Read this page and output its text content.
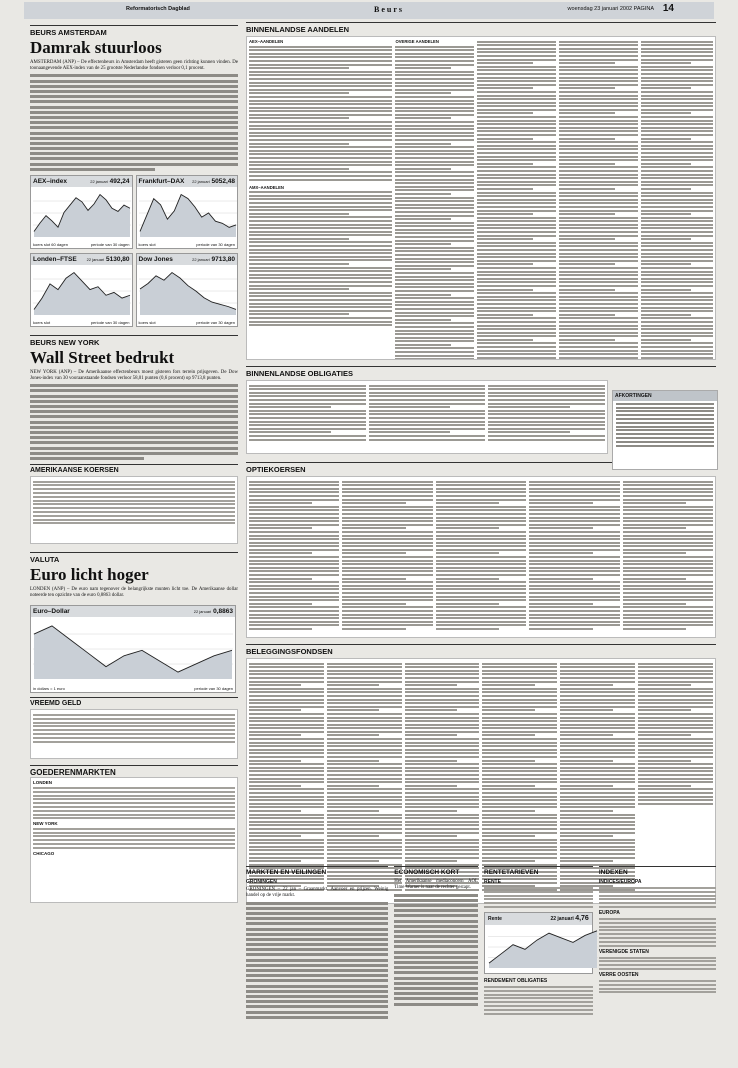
Reformatorisch Dagblad	Beurs	woensdag 23 januari 2002 PAGINA 14
BEURS AMSTERDAM
Damrak stuurloos

AMSTERDAM (ANP) – De effectenbeurs in Amsterdam heeft gisteren geen richting kunnen vinden. De toonaangevende AEX-index van de 25 grootste Nederlandse fondsen verloor 0,1 procent.

AEX–index	22 januari 492,24
koers slot 60 dagen	periode van 30 dagen
Frankfurt–DAX 22 januari 5052,48
koers slot	periode van 30 dagen
Londen–FTSE 22 januari 5130,80
koers slot	periode van 30 dagen
Dow Jones	22 januari 9713,80
koers slot	periode van 30 dagen
BEURS NEW YORK
Wall Street bedrukt

NEW YORK (ANP) – De Amerikaanse effectenbeurs moest gisteren fors terrein prijsgeven. De Dow Jones-index van 30 vooraanstaande fondsen verloor 58,01 punten (0,6 procent) op 9713,8 punten.

AMERIKAANSE KOERSEN
VALUTA
Euro licht hoger

LONDEN (ANP) – De euro nam tegenover de belangrijkste munten licht toe. De Amerikaanse dollar noteerde ten opzichte van de euro 0,8863 dollar.

Euro–Dollar	22 januari 0,8863
in dollars = 1 euro	periode van 30 dagen
VREEMD GELD
GOEDERENMARKTEN
LONDEN
NEW YORK
CHICAGO
BINNENLANDSE AANDELEN
AEX–AANDELEN
AMX–AANDELEN
OVERIGE AANDELEN
BINNENLANDSE OBLIGATIES
OPTIEKOERSEN
BELEGGINGSFONDSEN
AFKORTINGEN
MARKTEN EN VEILINGEN
GRONINGEN

GRONINGEN – 22 jan – Graanmarkt. Aanvoer en prijzen. Weinig handel op de vrije markt.

ECONOMISCH KORT

Het Amerikaanse mediaconcern AOL Time Warner is naar de rechter gestapt.

RENTETARIEVEN
RENTE
Rente	22 januari 4,76
RENDEMENT OBLIGATIES
INDEXEN
INDICES/EUROPA
EUROPA
VERENIGDE STATEN
VERRE OOSTEN
